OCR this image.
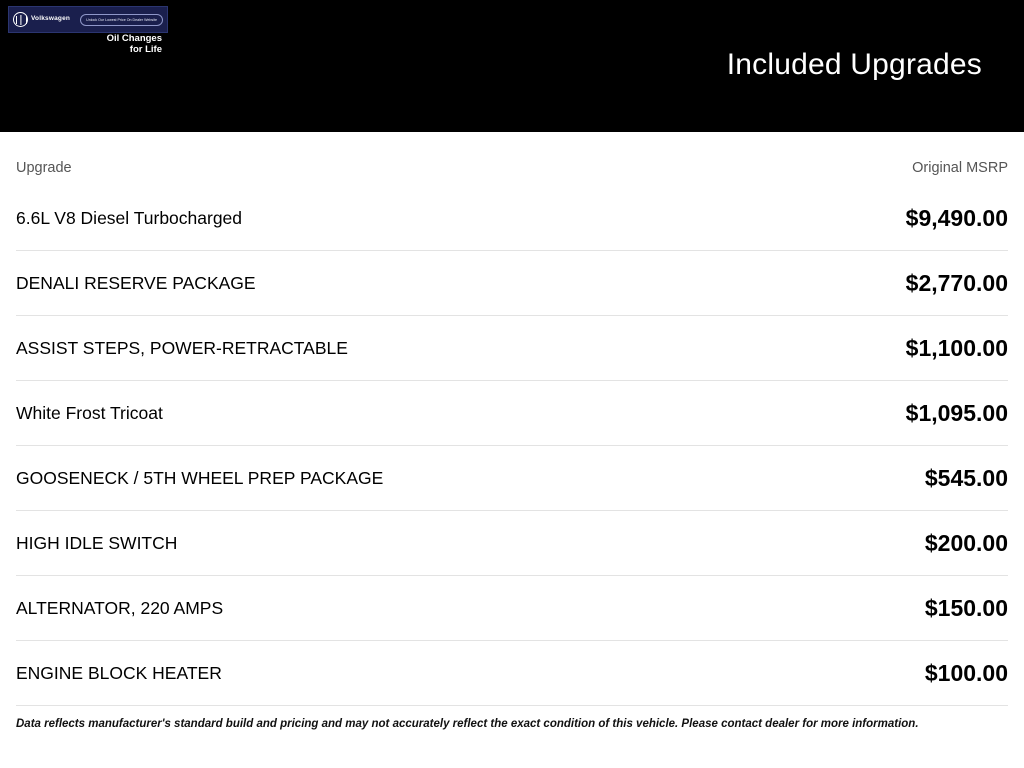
Volkswagen	Unlock Our Lowest Price On Dealer Website
Oil Changes
for Life	Included Upgrades
Upgrade	Original MSRP
6.6L V8 Diesel Turbocharged	$9,490.00
DENALI RESERVE PACKAGE	$2,770.00
ASSIST STEPS, POWER-RETRACTABLE	$1,100.00
White Frost Tricoat	$1,095.00
GOOSENECK / 5TH WHEEL PREP PACKAGE	$545.00
HIGH IDLE SWITCH	$200.00
ALTERNATOR, 220 AMPS	$150.00
ENGINE BLOCK HEATER	$100.00
Data reflects manufacturer's standard build and pricing and may not accurately reflect the exact condition of this vehicle. Please contact dealer for more information.
